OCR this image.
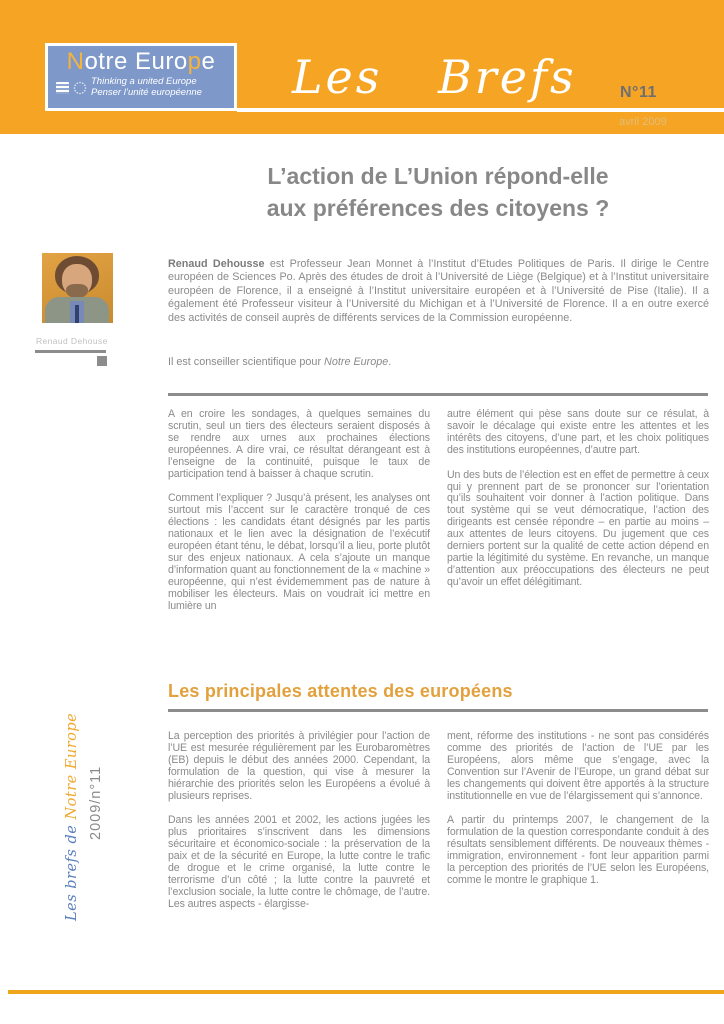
Notre Europe
Thinking a united Europe
Penser l’unité européenne Les Brefs	N°11
avril 2009
Renaud Dehouse
Les brefs de Notre Europe 2009/n°11
L’action de L’Union répond-elle
aux préférences des citoyens ?

Renaud Dehousse est Professeur Jean Monnet à l’Institut d’Etudes Politiques de Paris. Il dirige le Centre européen de Sciences Po. Après des études de droit à l’Université de Liège (Belgique) et à l’Institut universitaire européen de Florence, il a enseigné à l’Institut universitaire européen et à l’Université de Pise (Italie). Il a également été Professeur visiteur à l’Université du Michigan et à l’Université de Florence. Il a en outre exercé des activités de conseil auprès de différents services de la Commission européenne.

Il est conseiller scientifique pour Notre Europe.

A en croire les sondages, à quelques semaines du scrutin, seul un tiers des électeurs seraient disposés à se rendre aux urnes aux prochaines élections européennes. A dire vrai, ce résultat dérangeant est à l’enseigne de la continuité, puisque le taux de participation tend à baisser à chaque scrutin.

Comment l’expliquer ? Jusqu’à présent, les analyses ont surtout mis l’accent sur le caractère tronqué de ces élections : les candidats étant désignés par les partis nationaux et le lien avec la désignation de l’exécutif européen étant ténu, le débat, lorsqu’il a lieu, porte plutôt sur des enjeux nationaux. A cela s’ajoute un manque d’information quant au fonctionnement de la « machine » européenne, qui n’est évidememment pas de nature à mobiliser les électeurs. Mais on voudrait ici mettre en lumière un

autre élément qui pèse sans doute sur ce résulat, à savoir le décalage qui existe entre les attentes et les intérêts des citoyens, d’une part, et les choix politiques des institutions européennes, d’autre part.

Un des buts de l’élection est en effet de permettre à ceux qui y prennent part de se prononcer sur l’orientation qu’ils souhaitent voir donner à l’action politique. Dans tout système qui se veut démocratique, l’action des dirigeants est censée répondre – en partie au moins – aux attentes de leurs citoyens. Du jugement que ces derniers portent sur la qualité de cette action dépend en partie la légitimité du système. En revanche, un manque d’attention aux préoccupations des électeurs ne peut qu’avoir un effet délégitimant.

Les principales attentes des européens

La perception des priorités à privilégier pour l’action de l’UE est mesurée régulièrement par les Eurobaromètres (EB) depuis le début des années 2000. Cependant, la formulation de la question, qui vise à mesurer la hiérarchie des priorités selon les Européens a évolué à plusieurs reprises.

Dans les années 2001 et 2002, les actions jugées les plus prioritaires s’inscrivent dans les dimensions sécuritaire et économico-sociale : la préservation de la paix et de la sécurité en Europe, la lutte contre le trafic de drogue et le crime organisé, la lutte contre le terrorisme d’un côté ; la lutte contre la pauvreté et l’exclusion sociale, la lutte contre le chômage, de l’autre. Les autres aspects - élargisse-

ment, réforme des institutions - ne sont pas considérés comme des priorités de l’action de l’UE par les Européens, alors même que s’engage, avec la Convention sur l’Avenir de l’Europe, un grand débat sur les changements qui doivent être apportés à la structure institutionnelle en vue de l’élargissement qui s’annonce.

A partir du printemps 2007, le changement de la formulation de la question correspondante conduit à des résultats sensiblement différents. De nouveaux thèmes - immigration, environnement - font leur apparition parmi la perception des priorités de l’UE selon les Européens, comme le montre le graphique 1.
